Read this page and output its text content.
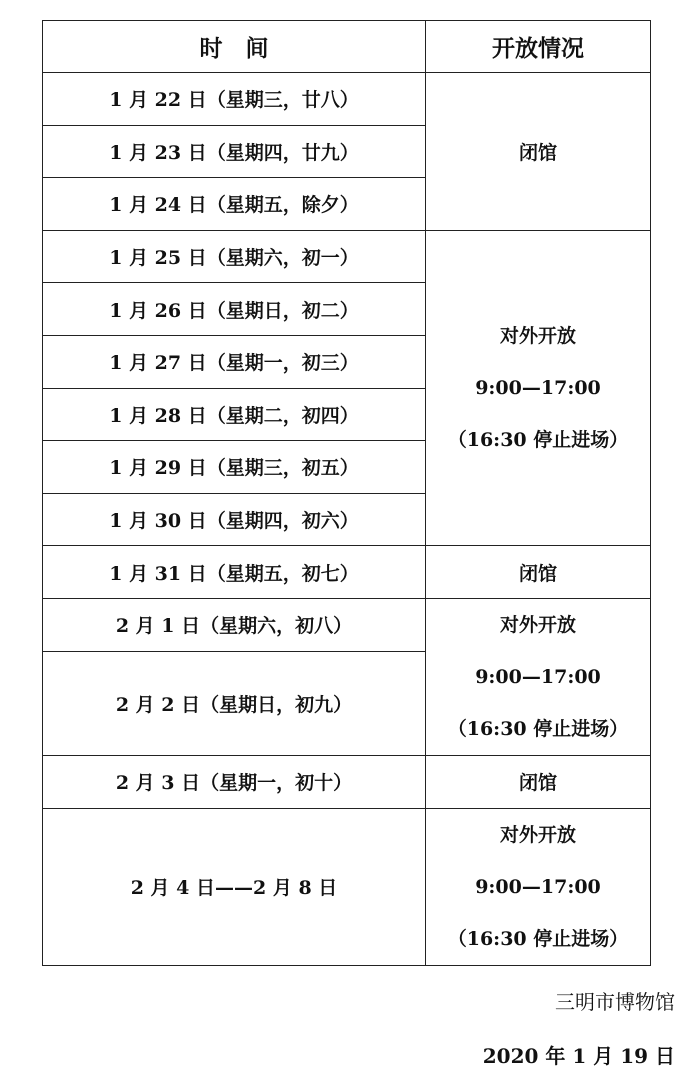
时　间	开放情况
1 月 22 日（星期三，廿八）	闭馆
1 月 23 日（星期四，廿九）	
1 月 24 日（星期五，除夕）	
1 月 25 日（星期六，初一）	对外开放
9:00—17:00
（16:30 停止进场）

1 月 26 日（星期日，初二）	
1 月 27 日（星期一，初三）	
1 月 28 日（星期二，初四）	
1 月 29 日（星期三，初五）	
1 月 30 日（星期四，初六）	
1 月 31 日（星期五，初七）	闭馆
2 月 1 日（星期六，初八）	对外开放
9:00—17:00
（16:30 停止进场）

2 月 2 日（星期日，初九）	
2 月 3 日（星期一，初十）	闭馆
2 月 4 日——2 月 8 日	对外开放
9:00—17:00
（16:30 停止进场）
三明市博物馆
2020 年 1 月 19 日
